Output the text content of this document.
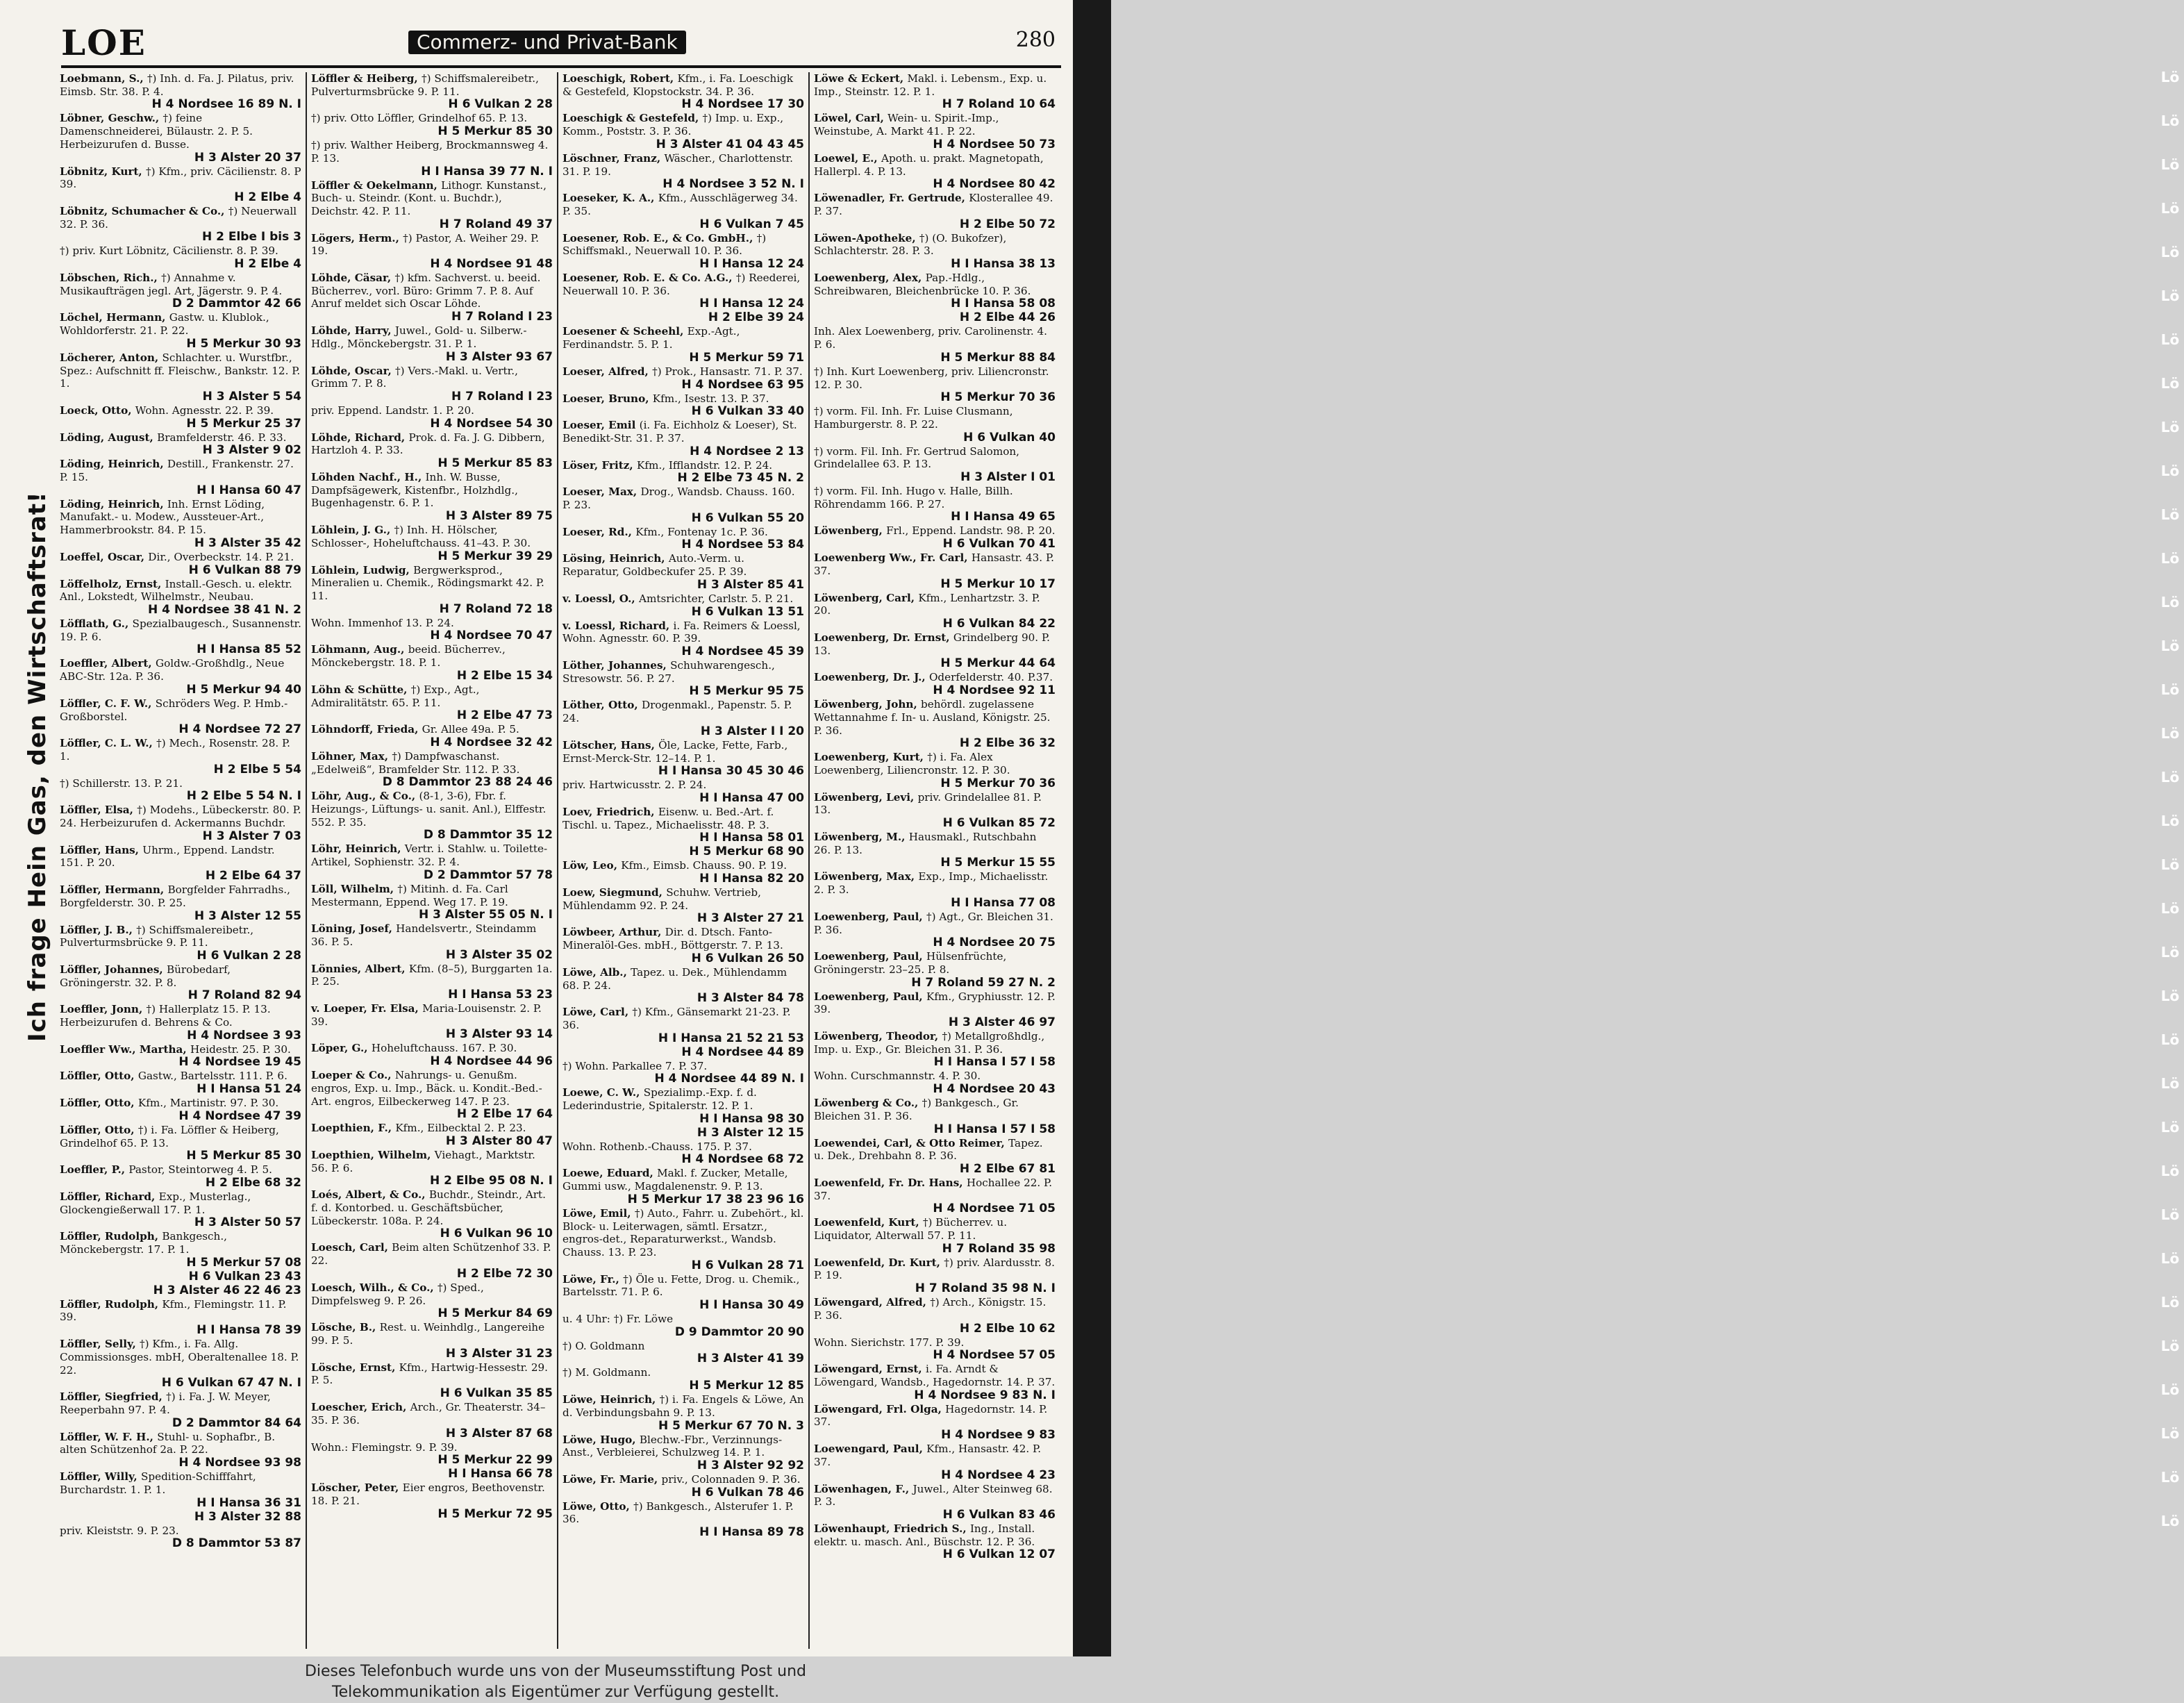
LOE	Commerz- und Privat-Bank	280
Ich frage Hein Gas, den Wirtschaftsrat!
Loebmann, S., †) Inh. d. Fa. J. Pilatus, priv. Eimsb. Str. 38. P. 4.
H 4 Nordsee 16 89 N. I
Löbner, Geschw., †) feine Damenschneiderei, Bülaustr. 2. P. 5. Herbeizurufen d. Busse.
H 3 Alster 20 37
Löbnitz, Kurt, †) Kfm., priv. Cäcilienstr. 8. P 39.
H 2 Elbe 4
Löbnitz, Schumacher & Co., †) Neuerwall 32. P. 36.
H 2 Elbe I bis 3
†) priv. Kurt Löbnitz, Cäcilienstr. 8. P. 39.
H 2 Elbe 4
Löbschen, Rich., †) Annahme v. Musikaufträgen jegl. Art, Jägerstr. 9. P. 4.
D 2 Dammtor 42 66
Löchel, Hermann, Gastw. u. Klublok., Wohldorferstr. 21. P. 22.
H 5 Merkur 30 93
Löcherer, Anton, Schlachter. u. Wurstfbr., Spez.: Aufschnitt ff. Fleischw., Bankstr. 12. P. 1.
H 3 Alster 5 54
Loeck, Otto, Wohn. Agnesstr. 22. P. 39.
H 5 Merkur 25 37
Löding, August, Bramfelderstr. 46. P. 33.
H 3 Alster 9 02
Löding, Heinrich, Destill., Frankenstr. 27. P. 15.
H I Hansa 60 47
Löding, Heinrich, Inh. Ernst Löding, Manufakt.- u. Modew., Aussteuer-Art., Hammerbrookstr. 84. P. 15.
H 3 Alster 35 42
Loeffel, Oscar, Dir., Overbeckstr. 14. P. 21.
H 6 Vulkan 88 79
Löffelholz, Ernst, Install.-Gesch. u. elektr. Anl., Lokstedt, Wilhelmstr., Neubau.
H 4 Nordsee 38 41 N. 2
Löfflath, G., Spezialbaugesch., Susannenstr. 19. P. 6.
H I Hansa 85 52
Loeffler, Albert, Goldw.-Großhdlg., Neue ABC-Str. 12a. P. 36.
H 5 Merkur 94 40
Löffler, C. F. W., Schröders Weg. P. Hmb.-Großborstel.
H 4 Nordsee 72 27
Löffler, C. L. W., †) Mech., Rosenstr. 28. P. 1.
H 2 Elbe 5 54
†) Schillerstr. 13. P. 21.
H 2 Elbe 5 54 N. I
Löffler, Elsa, †) Modehs., Lübeckerstr. 80. P. 24. Herbeizurufen d. Ackermanns Buchdr.
H 3 Alster 7 03
Löffler, Hans, Uhrm., Eppend. Landstr. 151. P. 20.
H 2 Elbe 64 37
Löffler, Hermann, Borgfelder Fahrradhs., Borgfelderstr. 30. P. 25.
H 3 Alster 12 55
Löffler, J. B., †) Schiffsmalereibetr., Pulverturmsbrücke 9. P. 11.
H 6 Vulkan 2 28
Löffler, Johannes, Bürobedarf, Gröningerstr. 32. P. 8.
H 7 Roland 82 94
Loeffler, Jonn, †) Hallerplatz 15. P. 13. Herbeizurufen d. Behrens & Co.
H 4 Nordsee 3 93
Loeffler Ww., Martha, Heidestr. 25. P. 30.
H 4 Nordsee 19 45
Löffler, Otto, Gastw., Bartelsstr. 111. P. 6.
H I Hansa 51 24
Löffler, Otto, Kfm., Martinistr. 97. P. 30.
H 4 Nordsee 47 39
Löffler, Otto, †) i. Fa. Löffler & Heiberg, Grindelhof 65. P. 13.
H 5 Merkur 85 30
Loeffler, P., Pastor, Steintorweg 4. P. 5.
H 2 Elbe 68 32
Löffler, Richard, Exp., Musterlag., Glockengießerwall 17. P. 1.
H 3 Alster 50 57
Löffler, Rudolph, Bankgesch., Mönckebergstr. 17. P. 1.
H 5 Merkur 57 08
H 6 Vulkan 23 43
H 3 Alster 46 22 46 23
Löffler, Rudolph, Kfm., Flemingstr. 11. P. 39.
H I Hansa 78 39
Löffler, Selly, †) Kfm., i. Fa. Allg. Commissionsges. mbH, Oberaltenallee 18. P. 22.
H 6 Vulkan 67 47 N. I
Löffler, Siegfried, †) i. Fa. J. W. Meyer, Reeperbahn 97. P. 4.
D 2 Dammtor 84 64
Löffler, W. F. H., Stuhl- u. Sophafbr., B. alten Schützenhof 2a. P. 22.
H 4 Nordsee 93 98
Löffler, Willy, Spedition-Schifffahrt, Burchardstr. 1. P. 1.
H I Hansa 36 31
H 3 Alster 32 88
priv. Kleiststr. 9. P. 23.
D 8 Dammtor 53 87
Löffler & Heiberg, †) Schiffsmalereibetr., Pulverturmsbrücke 9. P. 11.
H 6 Vulkan 2 28
†) priv. Otto Löffler, Grindelhof 65. P. 13.
H 5 Merkur 85 30
†) priv. Walther Heiberg, Brockmannsweg 4. P. 13.
H I Hansa 39 77 N. I
Löffler & Oekelmann, Lithogr. Kunstanst., Buch- u. Steindr. (Kont. u. Buchdr.), Deichstr. 42. P. 11.
H 7 Roland 49 37
Lögers, Herm., †) Pastor, A. Weiher 29. P. 19.
H 4 Nordsee 91 48
Löhde, Cäsar, †) kfm. Sachverst. u. beeid. Bücherrev., vorl. Büro: Grimm 7. P. 8. Auf Anruf meldet sich Oscar Löhde.
H 7 Roland I 23
Löhde, Harry, Juwel., Gold- u. Silberw.-Hdlg., Mönckebergstr. 31. P. 1.
H 3 Alster 93 67
Löhde, Oscar, †) Vers.-Makl. u. Vertr., Grimm 7. P. 8.
H 7 Roland I 23
priv. Eppend. Landstr. 1. P. 20.
H 4 Nordsee 54 30
Löhde, Richard, Prok. d. Fa. J. G. Dibbern, Hartzloh 4. P. 33.
H 5 Merkur 85 83
Löhden Nachf., H., Inh. W. Busse, Dampfsägewerk, Kistenfbr., Holzhdlg., Bugenhagenstr. 6. P. 1.
H 3 Alster 89 75
Löhlein, J. G., †) Inh. H. Hölscher, Schlosser-, Hoheluftchauss. 41–43. P. 30.
H 5 Merkur 39 29
Löhlein, Ludwig, Bergwerksprod., Mineralien u. Chemik., Rödingsmarkt 42. P. 11.
H 7 Roland 72 18
Wohn. Immenhof 13. P. 24.
H 4 Nordsee 70 47
Löhmann, Aug., beeid. Bücherrev., Mönckebergstr. 18. P. 1.
H 2 Elbe 15 34
Löhn & Schütte, †) Exp., Agt., Admiralitätstr. 65. P. 11.
H 2 Elbe 47 73
Löhndorff, Frieda, Gr. Allee 49a. P. 5.
H 4 Nordsee 32 42
Löhner, Max, †) Dampfwaschanst. „Edelweiß“, Bramfelder Str. 112. P. 33.
D 8 Dammtor 23 88 24 46
Löhr, Aug., & Co., (8-1, 3-6), Fbr. f. Heizungs-, Lüftungs- u. sanit. Anl.), Elffestr. 552. P. 35.
D 8 Dammtor 35 12
Löhr, Heinrich, Vertr. i. Stahlw. u. Toilette-Artikel, Sophienstr. 32. P. 4.
D 2 Dammtor 57 78
Löll, Wilhelm, †) Mitinh. d. Fa. Carl Mestermann, Eppend. Weg 17. P. 19.
H 3 Alster 55 05 N. I
Löning, Josef, Handelsvertr., Steindamm 36. P. 5.
H 3 Alster 35 02
Lönnies, Albert, Kfm. (8–5), Burggarten 1a. P. 25.
H I Hansa 53 23
v. Loeper, Fr. Elsa, Maria-Louisenstr. 2. P. 39.
H 3 Alster 93 14
Löper, G., Hoheluftchauss. 167. P. 30.
H 4 Nordsee 44 96
Loeper & Co., Nahrungs- u. Genußm. engros, Exp. u. Imp., Bäck. u. Kondit.-Bed.-Art. engros, Eilbeckerweg 147. P. 23.
H 2 Elbe 17 64
Loepthien, F., Kfm., Eilbecktal 2. P. 23.
H 3 Alster 80 47
Loepthien, Wilhelm, Viehagt., Marktstr. 56. P. 6.
H 2 Elbe 95 08 N. I
Loés, Albert, & Co., Buchdr., Steindr., Art. f. d. Kontorbed. u. Geschäftsbücher, Lübeckerstr. 108a. P. 24.
H 6 Vulkan 96 10
Loesch, Carl, Beim alten Schützenhof 33. P. 22.
H 2 Elbe 72 30
Loesch, Wilh., & Co., †) Sped., Dimpfelsweg 9. P. 26.
H 5 Merkur 84 69
Lösche, B., Rest. u. Weinhdlg., Langereihe 99. P. 5.
H 3 Alster 31 23
Lösche, Ernst, Kfm., Hartwig-Hessestr. 29. P. 5.
H 6 Vulkan 35 85
Loescher, Erich, Arch., Gr. Theaterstr. 34–35. P. 36.
H 3 Alster 87 68
Wohn.: Flemingstr. 9. P. 39.
H 5 Merkur 22 99
H I Hansa 66 78
Löscher, Peter, Eier engros, Beethovenstr. 18. P. 21.
H 5 Merkur 72 95
Loeschigk, Robert, Kfm., i. Fa. Loeschigk & Gestefeld, Klopstockstr. 34. P. 36.
H 4 Nordsee 17 30
Loeschigk & Gestefeld, †) Imp. u. Exp., Komm., Poststr. 3. P. 36.
H 3 Alster 41 04 43 45
Löschner, Franz, Wäscher., Charlottenstr. 31. P. 19.
H 4 Nordsee 3 52 N. I
Loeseker, K. A., Kfm., Ausschlägerweg 34. P. 35.
H 6 Vulkan 7 45
Loesener, Rob. E., & Co. GmbH., †) Schiffsmakl., Neuerwall 10. P. 36.
H I Hansa 12 24
Loesener, Rob. E. & Co. A.G., †) Reederei, Neuerwall 10. P. 36.
H I Hansa 12 24
H 2 Elbe 39 24
Loesener & Scheehl, Exp.-Agt., Ferdinandstr. 5. P. 1.
H 5 Merkur 59 71
Loeser, Alfred, †) Prok., Hansastr. 71. P. 37.
H 4 Nordsee 63 95
Loeser, Bruno, Kfm., Isestr. 13. P. 37.
H 6 Vulkan 33 40
Loeser, Emil (i. Fa. Eichholz & Loeser), St. Benedikt-Str. 31. P. 37.
H 4 Nordsee 2 13
Löser, Fritz, Kfm., Ifflandstr. 12. P. 24.
H 2 Elbe 73 45 N. 2
Loeser, Max, Drog., Wandsb. Chauss. 160. P. 23.
H 6 Vulkan 55 20
Loeser, Rd., Kfm., Fontenay 1c. P. 36.
H 4 Nordsee 53 84
Lösing, Heinrich, Auto.-Verm. u. Reparatur, Goldbeckufer 25. P. 39.
H 3 Alster 85 41
v. Loessl, O., Amtsrichter, Carlstr. 5. P. 21.
H 6 Vulkan 13 51
v. Loessl, Richard, i. Fa. Reimers & Loessl, Wohn. Agnesstr. 60. P. 39.
H 4 Nordsee 45 39
Löther, Johannes, Schuhwarengesch., Stresowstr. 56. P. 27.
H 5 Merkur 95 75
Löther, Otto, Drogenmakl., Papenstr. 5. P. 24.
H 3 Alster I I 20
Lötscher, Hans, Öle, Lacke, Fette, Farb., Ernst-Merck-Str. 12–14. P. 1.
H I Hansa 30 45 30 46
priv. Hartwicusstr. 2. P. 24.
H I Hansa 47 00
Loev, Friedrich, Eisenw. u. Bed.-Art. f. Tischl. u. Tapez., Michaelisstr. 48. P. 3.
H I Hansa 58 01
H 5 Merkur 68 90
Löw, Leo, Kfm., Eimsb. Chauss. 90. P. 19.
H I Hansa 82 20
Loew, Siegmund, Schuhw. Vertrieb, Mühlendamm 92. P. 24.
H 3 Alster 27 21
Löwbeer, Arthur, Dir. d. Dtsch. Fanto-Mineralöl-Ges. mbH., Böttgerstr. 7. P. 13.
H 6 Vulkan 26 50
Löwe, Alb., Tapez. u. Dek., Mühlendamm 68. P. 24.
H 3 Alster 84 78
Löwe, Carl, †) Kfm., Gänsemarkt 21-23. P. 36.
H I Hansa 21 52 21 53
H 4 Nordsee 44 89
†) Wohn. Parkallee 7. P. 37.
H 4 Nordsee 44 89 N. I
Loewe, C. W., Spezialimp.-Exp. f. d. Lederindustrie, Spitalerstr. 12. P. 1.
H I Hansa 98 30
H 3 Alster 12 15
Wohn. Rothenb.-Chauss. 175. P. 37.
H 4 Nordsee 68 72
Loewe, Eduard, Makl. f. Zucker, Metalle, Gummi usw., Magdalenenstr. 9. P. 13.
H 5 Merkur 17 38 23 96 16
Löwe, Emil, †) Auto., Fahrr. u. Zubehört., kl. Block- u. Leiterwagen, sämtl. Ersatzr., engros-det., Reparaturwerkst., Wandsb. Chauss. 13. P. 23.
H 6 Vulkan 28 71
Löwe, Fr., †) Öle u. Fette, Drog. u. Chemik., Bartelsstr. 71. P. 6.
H I Hansa 30 49
u. 4 Uhr: †) Fr. Löwe
D 9 Dammtor 20 90
†) O. Goldmann
H 3 Alster 41 39
†) M. Goldmann.
H 5 Merkur 12 85
Löwe, Heinrich, †) i. Fa. Engels & Löwe, An d. Verbindungsbahn 9. P. 13.
H 5 Merkur 67 70 N. 3
Löwe, Hugo, Blechw.-Fbr., Verzinnungs-Anst., Verbleierei, Schulzweg 14. P. 1.
H 3 Alster 92 92
Löwe, Fr. Marie, priv., Colonnaden 9. P. 36.
H 6 Vulkan 78 46
Löwe, Otto, †) Bankgesch., Alsterufer 1. P. 36.
H I Hansa 89 78
Löwe & Eckert, Makl. i. Lebensm., Exp. u. Imp., Steinstr. 12. P. 1.
H 7 Roland 10 64
Löwel, Carl, Wein- u. Spirit.-Imp., Weinstube, A. Markt 41. P. 22.
H 4 Nordsee 50 73
Loewel, E., Apoth. u. prakt. Magnetopath, Hallerpl. 4. P. 13.
H 4 Nordsee 80 42
Löwenadler, Fr. Gertrude, Klosterallee 49. P. 37.
H 2 Elbe 50 72
Löwen-Apotheke, †) (O. Bukofzer), Schlachterstr. 28. P. 3.
H I Hansa 38 13
Loewenberg, Alex, Pap.-Hdlg., Schreibwaren, Bleichenbrücke 10. P. 36.
H I Hansa 58 08
H 2 Elbe 44 26
Inh. Alex Loewenberg, priv. Carolinenstr. 4. P. 6.
H 5 Merkur 88 84
†) Inh. Kurt Loewenberg, priv. Liliencronstr. 12. P. 30.
H 5 Merkur 70 36
†) vorm. Fil. Inh. Fr. Luise Clusmann, Hamburgerstr. 8. P. 22.
H 6 Vulkan 40
†) vorm. Fil. Inh. Fr. Gertrud Salomon, Grindelallee 63. P. 13.
H 3 Alster I 01
†) vorm. Fil. Inh. Hugo v. Halle, Billh. Röhrendamm 166. P. 27.
H I Hansa 49 65
Löwenberg, Frl., Eppend. Landstr. 98. P. 20.
H 6 Vulkan 70 41
Loewenberg Ww., Fr. Carl, Hansastr. 43. P. 37.
H 5 Merkur 10 17
Löwenberg, Carl, Kfm., Lenhartzstr. 3. P. 20.
H 6 Vulkan 84 22
Loewenberg, Dr. Ernst, Grindelberg 90. P. 13.
H 5 Merkur 44 64
Loewenberg, Dr. J., Oderfelderstr. 40. P.37.
H 4 Nordsee 92 11
Löwenberg, John, behördl. zugelassene Wettannahme f. In- u. Ausland, Königstr. 25. P. 36.
H 2 Elbe 36 32
Loewenberg, Kurt, †) i. Fa. Alex Loewenberg, Liliencronstr. 12. P. 30.
H 5 Merkur 70 36
Löwenberg, Levi, priv. Grindelallee 81. P. 13.
H 6 Vulkan 85 72
Löwenberg, M., Hausmakl., Rutschbahn 26. P. 13.
H 5 Merkur 15 55
Löwenberg, Max, Exp., Imp., Michaelisstr. 2. P. 3.
H I Hansa 77 08
Loewenberg, Paul, †) Agt., Gr. Bleichen 31. P. 36.
H 4 Nordsee 20 75
Loewenberg, Paul, Hülsenfrüchte, Gröningerstr. 23–25. P. 8.
H 7 Roland 59 27 N. 2
Loewenberg, Paul, Kfm., Gryphiusstr. 12. P. 39.
H 3 Alster 46 97
Löwenberg, Theodor, †) Metallgroßhdlg., Imp. u. Exp., Gr. Bleichen 31. P. 36.
H I Hansa I 57 I 58
Wohn. Curschmannstr. 4. P. 30.
H 4 Nordsee 20 43
Löwenberg & Co., †) Bankgesch., Gr. Bleichen 31. P. 36.
H I Hansa I 57 I 58
Loewendei, Carl, & Otto Reimer, Tapez. u. Dek., Drehbahn 8. P. 36.
H 2 Elbe 67 81
Loewenfeld, Fr. Dr. Hans, Hochallee 22. P. 37.
H 4 Nordsee 71 05
Loewenfeld, Kurt, †) Bücherrev. u. Liquidator, Alterwall 57. P. 11.
H 7 Roland 35 98
Loewenfeld, Dr. Kurt, †) priv. Alardusstr. 8. P. 19.
H 7 Roland 35 98 N. I
Löwengard, Alfred, †) Arch., Königstr. 15. P. 36.
H 2 Elbe 10 62
Wohn. Sierichstr. 177. P. 39.
H 4 Nordsee 57 05
Löwengard, Ernst, i. Fa. Arndt & Löwengard, Wandsb., Hagedornstr. 14. P. 37.
H 4 Nordsee 9 83 N. I
Löwengard, Frl. Olga, Hagedornstr. 14. P. 37.
H 4 Nordsee 9 83
Loewengard, Paul, Kfm., Hansastr. 42. P. 37.
H 4 Nordsee 4 23
Löwenhagen, F., Juwel., Alter Steinweg 68. P. 3.
H 6 Vulkan 83 46
Löwenhaupt, Friedrich S., Ing., Install. elektr. u. masch. Anl., Büschstr. 12. P. 36.
H 6 Vulkan 12 07
Lö
Lö
Lö
Lö
Lö
Lö
Lö
Lö
Lö
Lö
Lö
Lö
Lö
Lö
Lö
Lö
Lö
Lö
Lö
Lö
Lö
Lö
Lö
Lö
Lö
Lö
Lö
Lö
Lö
Lö
Lö
Lö
Lö
Lö
Dieses Telefonbuch wurde uns von der Museumsstiftung Post und
Telekommunikation als Eigentümer zur Verfügung gestellt.
